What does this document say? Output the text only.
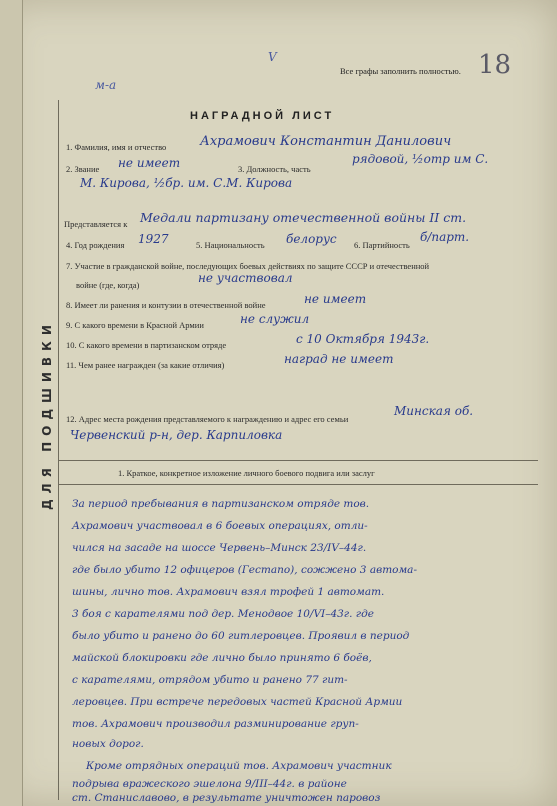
ДЛЯ ПОДШИВКИ
м-а
V	18
Все графы заполнить полностью.
НАГРАДНОЙ ЛИСТ
1. Фамилия, имя и отчество	Ахрамович Константин Данилович
2. Звание не имеет	3. Должность, часть
рядовой, ½отр им С.
М. Кирова, ½бр. им. С.М. Кирова
Представляется к Медали партизану отечественной войны II ст.
4. Год рождения 1927	5. Национальность белорус 6. Партийность
б/парт.
7. Участие в гражданской войне, последующих боевых действиях по защите СССР и отечественной
войне (где, когда)	не участвовал
8. Имеет ли ранения и контузии в отечественной войне	не имеет
9. С какого времени в Красной Армии	не служил
10. С какого времени в партизанском отряде	с 10 Октября 1943г.
11. Чем ранее награжден (за какие отличия)	наград не имеет
12. Адрес места рождения представляемого к награждению и адрес его семьи
Минская об.
Червенский р-н, дер. Карпиловка
1. Краткое, конкретное изложение личного боевого подвига или заслуг
За период пребывания в партизанском отряде тов.
Ахрамович участвовал в 6 боевых операциях, отли-
чился на засаде на шоссе Червень–Минск 23/IV–44г.
где было убито 12 офицеров (Гестапо), сожжено 3 автома-
шины, лично тов. Ахрамович взял трофей 1 автомат.
3 боя с карателями под дер. Менодвое 10/VI–43г. где
было убито и ранено до 60 гитлеровцев. Проявил в период
майской блокировки где лично было принято 6 боёв,
с карателями, отрядом убито и ранено 77 гит-
леровцев. При встрече передовых частей Красной Армии
тов. Ахрамович производил разминирование груп-
новых дорог.
Кроме отрядных операций тов. Ахрамович участник
подрыва вражеского эшелона 9/III–44г. в районе
ст. Станиславово, в результате уничтожен паровоз
